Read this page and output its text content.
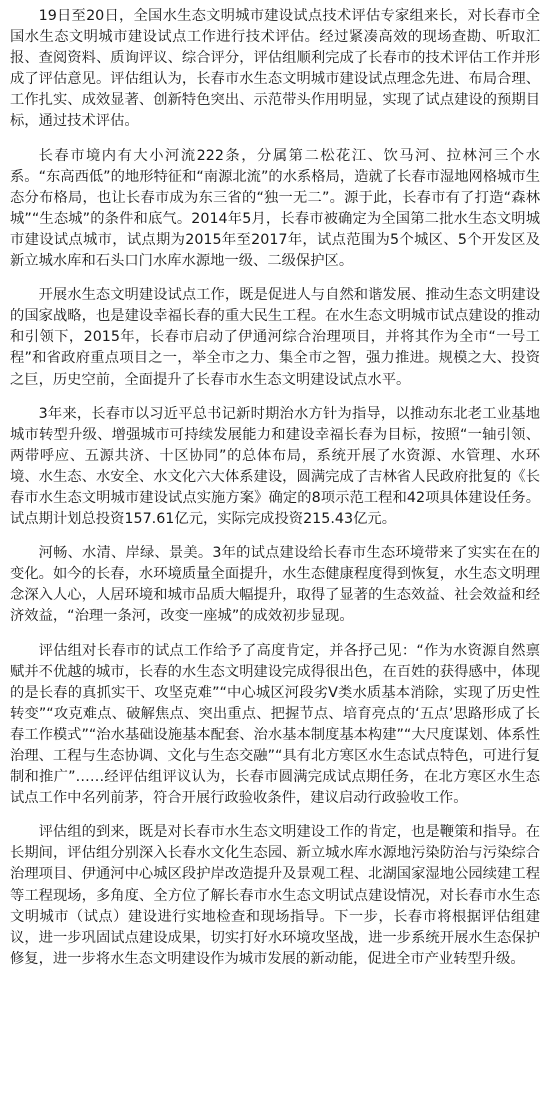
19日至20日，全国水生态文明城市建设试点技术评估专家组来长，对长春市全国水生态文明城市建设试点工作进行技术评估。经过紧凑高效的现场查勘、听取汇报、查阅资料、质询评议、综合评分，评估组顺利完成了长春市的技术评估工作并形成了评估意见。评估组认为，长春市水生态文明城市建设试点理念先进、布局合理、工作扎实、成效显著、创新特色突出、示范带头作用明显，实现了试点建设的预期目标，通过技术评估。

长春市境内有大小河流222条，分属第二松花江、饮马河、拉林河三个水系。“东高西低”的地形特征和“南源北流”的水系格局，造就了长春市湿地网格城市生态分布格局，也让长春市成为东三省的“独一无二”。源于此，长春市有了打造“森林城”“生态城”的条件和底气。2014年5月，长春市被确定为全国第二批水生态文明城市建设试点城市，试点期为2015年至2017年，试点范围为5个城区、5个开发区及新立城水库和石头口门水库水源地一级、二级保护区。

开展水生态文明建设试点工作，既是促进人与自然和谐发展、推动生态文明建设的国家战略，也是建设幸福长春的重大民生工程。在水生态文明城市试点建设的推动和引领下，2015年，长春市启动了伊通河综合治理项目，并将其作为全市“一号工程”和省政府重点项目之一，举全市之力、集全市之智，强力推进。规模之大、投资之巨，历史空前，全面提升了长春市水生态文明建设试点水平。

3年来，长春市以习近平总书记新时期治水方针为指导，以推动东北老工业基地城市转型升级、增强城市可持续发展能力和建设幸福长春为目标，按照“一轴引领、两带呼应、五源共济、十区协同”的总体布局，系统开展了水资源、水管理、水环境、水生态、水安全、水文化六大体系建设，圆满完成了吉林省人民政府批复的《长春市水生态文明城市建设试点实施方案》确定的8项示范工程和42项具体建设任务。试点期计划总投资157.61亿元，实际完成投资215.43亿元。

河畅、水清、岸绿、景美。3年的试点建设给长春市生态环境带来了实实在在的变化。如今的长春，水环境质量全面提升，水生态健康程度得到恢复，水生态文明理念深入人心，人居环境和城市品质大幅提升，取得了显著的生态效益、社会效益和经济效益，“治理一条河，改变一座城”的成效初步显现。

评估组对长春市的试点工作给予了高度肯定，并各抒己见：“作为水资源自然禀赋并不优越的城市，长春的水生态文明建设完成得很出色，在百姓的获得感中，体现的是长春的真抓实干、攻坚克难”“中心城区河段劣V类水质基本消除，实现了历史性转变”“攻克难点、破解焦点、突出重点、把握节点、培育亮点的‘五点’思路形成了长春工作模式”“治水基础设施基本配套、治水基本制度基本构建”“大尺度谋划、体系性治理、工程与生态协调、文化与生态交融”“具有北方寒区水生态试点特色，可进行复制和推广”……经评估组评议认为，长春市圆满完成试点期任务，在北方寒区水生态试点工作中名列前茅，符合开展行政验收条件，建议启动行政验收工作。

评估组的到来，既是对长春市水生态文明建设工作的肯定，也是鞭策和指导。在长期间，评估组分别深入长春水文化生态园、新立城水库水源地污染防治与污染综合治理项目、伊通河中心城区段护岸改造提升及景观工程、北湖国家湿地公园续建工程等工程现场，多角度、全方位了解长春市水生态文明试点建设情况，对长春市水生态文明城市（试点）建设进行实地检查和现场指导。下一步，长春市将根据评估组建议，进一步巩固试点建设成果，切实打好水环境攻坚战，进一步系统开展水生态保护修复，进一步将水生态文明建设作为城市发展的新动能，促进全市产业转型升级。
